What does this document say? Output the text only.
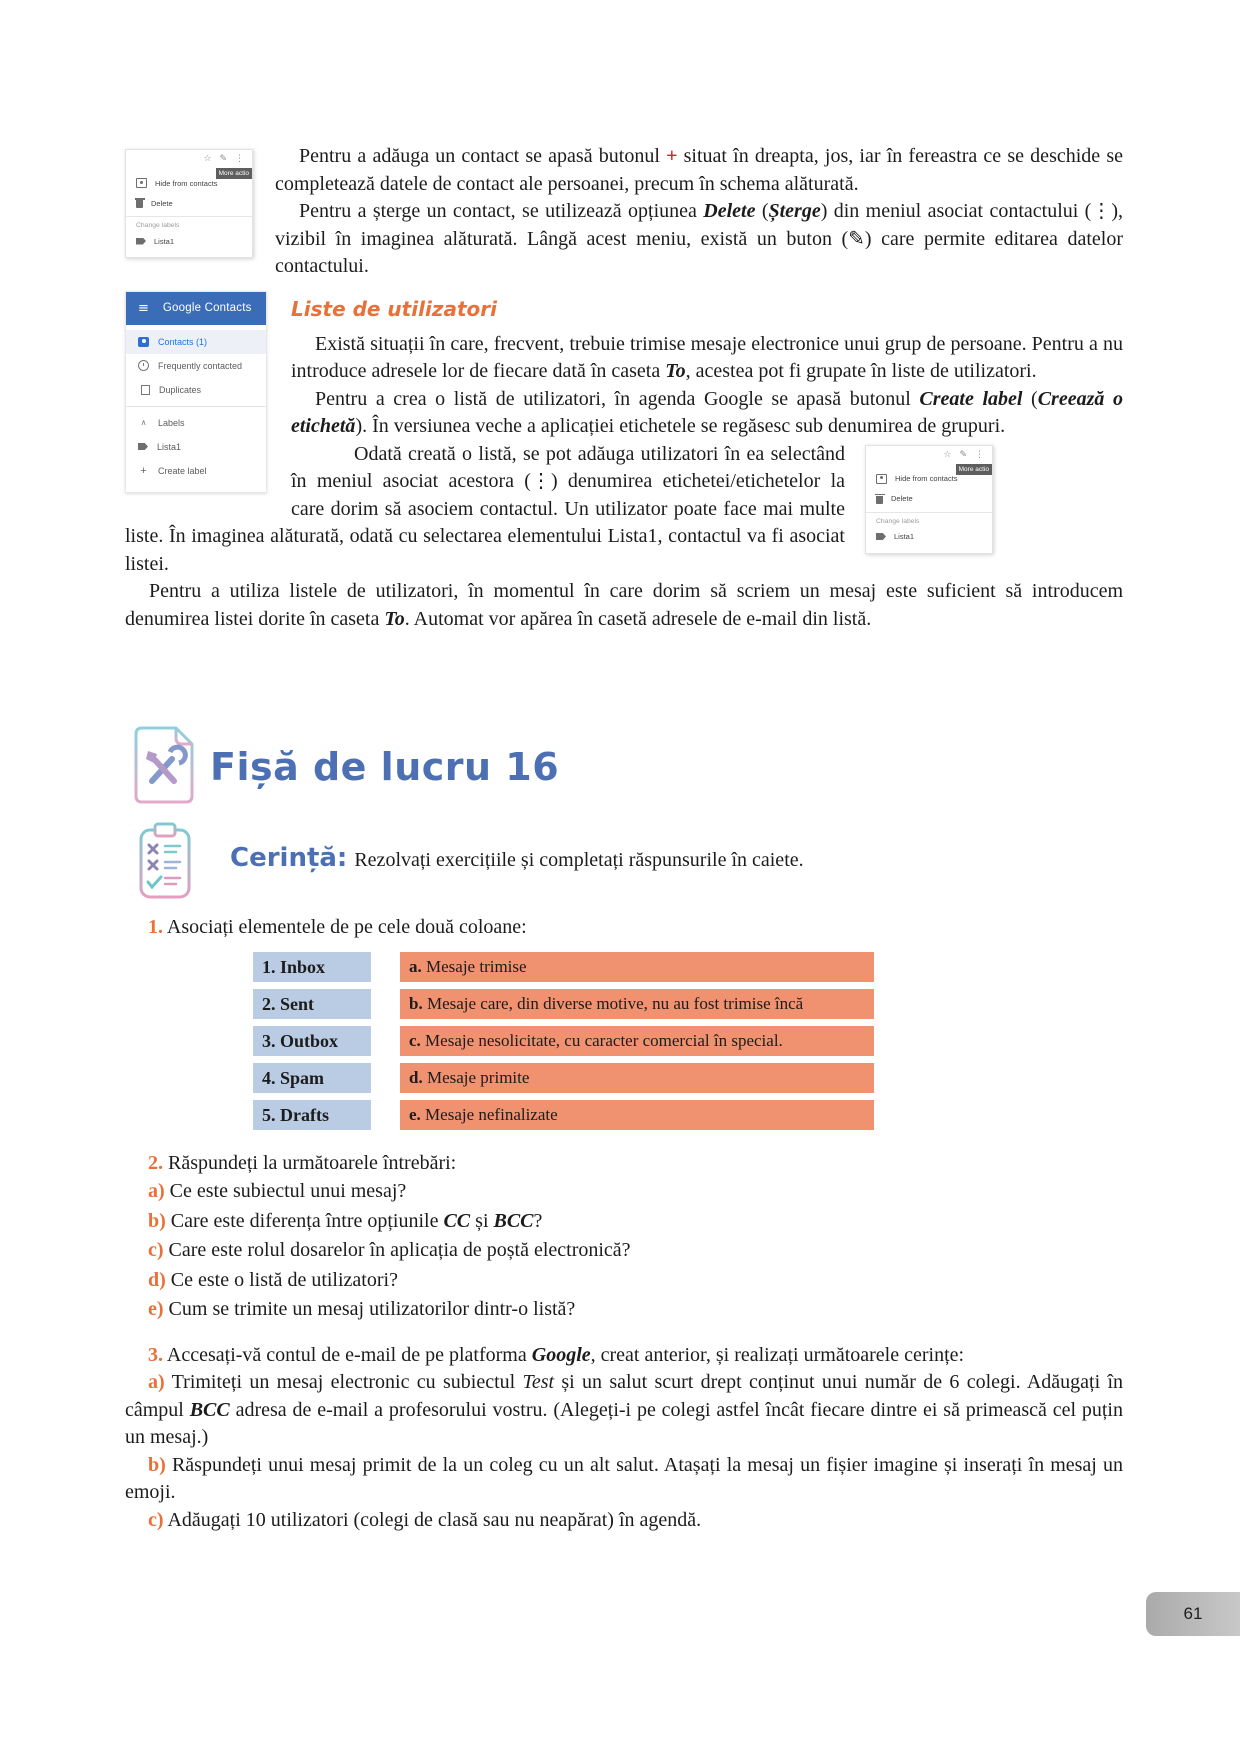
☆ ✎ ⋮
More actio
Hide from contacts
Delete
Change labels
Lista1

Pentru a adăuga un contact se apasă butonul + situat în dreapta, jos, iar în fereastra ce se deschide se completează datele de contact ale persoanei, precum în schema alăturată.

Pentru a șterge un contact, se utilizează opțiunea Delete (Șterge) din meniul asociat contactului (⋮), vizibil în imaginea alăturată. Lângă acest meniu, există un buton (✎) care permite editarea datelor contactului.

≡ Google Contacts
Contacts (1)
Frequently contacted
Duplicates
∧ Labels
Lista1
+ Create label
Liste de utilizatori

Există situații în care, frecvent, trebuie trimise mesaje electronice unui grup de persoane. Pentru a nu introduce adresele lor de fiecare dată în caseta To, acestea pot fi grupate în liste de utilizatori.

Pentru a crea o listă de utilizatori, în agenda Google se apasă butonul Create label (Creează o etichetă). În versiunea veche a aplicației etichetele se regăsesc sub denumirea de grupuri.

☆ ✎ ⋮
More actio
Hide from contacts
Delete
Change labels
Lista1

Odată creată o listă, se pot adăuga utilizatori în ea selectând în meniul asociat acestora (⋮) denumirea etichetei/etichetelor la care dorim să asociem contactul. Un utilizator poate face mai multe liste. În imaginea alăturată, odată cu selectarea elementului Lista1, contactul va fi asociat listei.

Pentru a utiliza listele de utilizatori, în momentul în care dorim să scriem un mesaj este suficient să introducem denumirea listei dorite în caseta To. Automat vor apărea în casetă adresele de e-mail din listă.

Fișă de lucru 16
Cerință: Rezolvați exercițiile și completați răspunsurile în caiete.

1. Asociați elementele de pe cele două coloane:

1. Inbox	a. Mesaje trimise
2. Sent	b. Mesaje care, din diverse motive, nu au fost trimise încă
3. Outbox	c. Mesaje nesolicitate, cu caracter comercial în special.
4. Spam	d. Mesaje primite
5. Drafts	e. Mesaje nefinalizate

2. Răspundeți la următoarele întrebări:

a) Ce este subiectul unui mesaj?

b) Care este diferența între opțiunile CC și BCC?

c) Care este rolul dosarelor în aplicația de poștă electronică?

d) Ce este o listă de utilizatori?

e) Cum se trimite un mesaj utilizatorilor dintr-o listă?

3. Accesați-vă contul de e-mail de pe platforma Google, creat anterior, și realizați următoarele cerințe:

a) Trimiteți un mesaj electronic cu subiectul Test și un salut scurt drept conținut unui număr de 6 colegi. Adăugați în câmpul BCC adresa de e-mail a profesorului vostru. (Alegeți-i pe colegi astfel încât fiecare dintre ei să primească cel puțin un mesaj.)

b) Răspundeți unui mesaj primit de la un coleg cu un alt salut. Atașați la mesaj un fișier imagine și inserați în mesaj un emoji.

c) Adăugați 10 utilizatori (colegi de clasă sau nu neapărat) în agendă.

61
